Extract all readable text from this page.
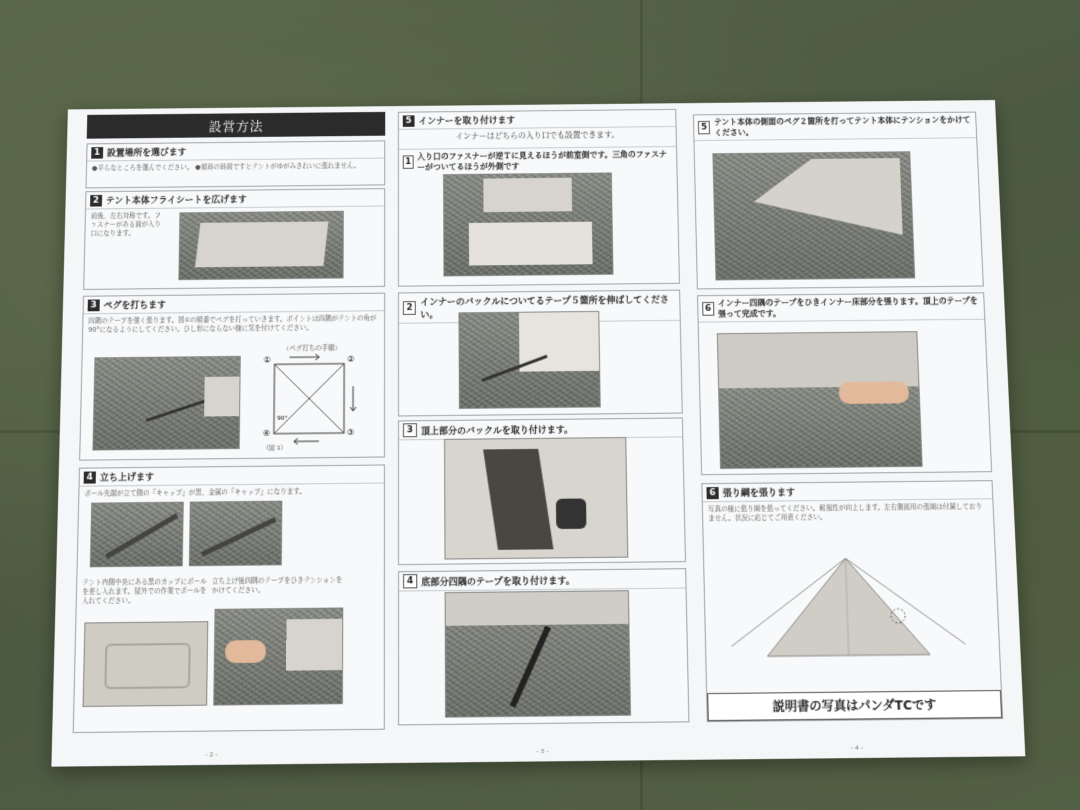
設営方法
1 設置場所を選びます
●平らなところを選んでください。 ●傾斜の斜面ですとテントがゆがみきれいに張れません。
2 テント本体フライシートを広げます
前後、左右対称です。ファスナーがある面が入り口になります。
3 ペグを打ちます
四隅のテープを強く張ります。図①の順番でペグを打っていきます。ポイントは四隅がテントの角が90°になるようにしてください。ひし形にならない様に気を付けてください。
（ペグ打ちの手順）
①	②
③
④
90°
（図 1）
4 立ち上げます
ポール先端が立て側の『キャップ』が黒、金属の『キャップ』になります。
テント内側中央にある黒のカップにポールを差し入れます。屋外での作業でポールを入れてください。
立ち上げ後四隅のテープをひきテンションをかけてください。
- 2 -
5 インナーを取り付けます
インナーはどちらの入り口でも設置できます。
1
入り口のファスナーが逆Ｔに見えるほうが前室側です。三角のファスナーがついてるほうが外側です
2
インナーのバックルについてるテープ５箇所を伸ばしてください。
3 頂上部分のバックルを取り付けます。
4 底部分四隅のテープを取り付けます。
- 3 -
5
テント本体の側面のペグ２箇所を打ってテント本体にテンションをかけてください。
6
インナー四隅のテープをひきインナー床部分を張ります。頂上のテープを張って完成です。
6 張り綱を張ります
写真の様に張り綱を張ってください。耐風性が向上します。左右側面用の張綱は付属しておりません。状況に応じてご用意ください。
説明書の写真はパンダTCです
- 4 -
